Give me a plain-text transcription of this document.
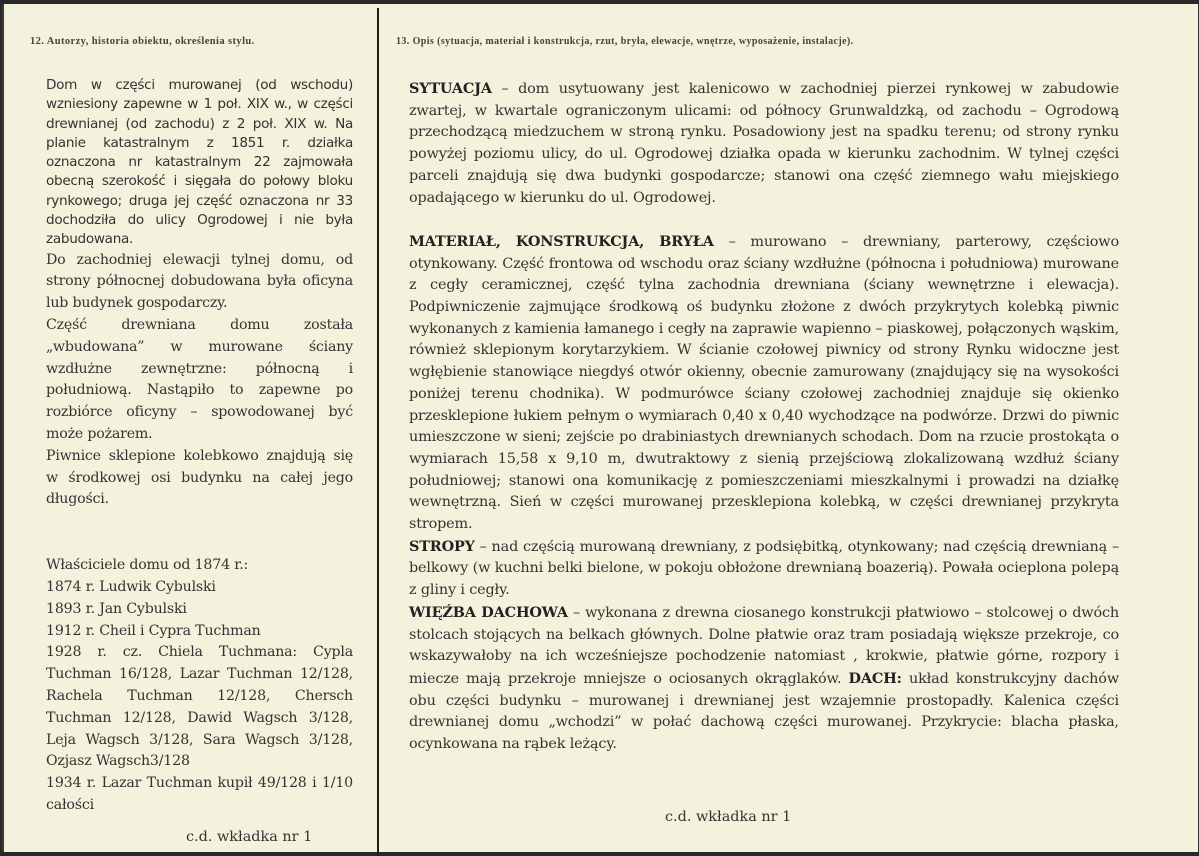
12. Autorzy, historia obiektu, określenia stylu.	13. Opis (sytuacja, materiał i konstrukcja, rzut, bryła, elewacje, wnętrze, wyposażenie, instalacje).

Dom w części murowanej (od wschodu) wzniesiony zapewne w 1 poł. XIX w., w części drewnianej (od zachodu) z 2 poł. XIX w. Na planie katastralnym z 1851 r. działka oznaczona nr katastralnym 22 zajmowała obecną szerokość i sięgała do połowy bloku rynkowego; druga jej część oznaczona nr 33 dochodziła do ulicy Ogrodowej i nie była zabudowana.

Do zachodniej elewacji tylnej domu, od strony północnej dobudowana była oficyna lub budynek gospodarczy.

Część drewniana domu została „wbudowana” w murowane ściany wzdłużne zewnętrzne: północną i południową. Nastąpiło to zapewne po rozbiórce oficyny – spowodowanej być może pożarem.

Piwnice sklepione kolebkowo znajdują się w środkowej osi budynku na całej jego długości.

Właściciele domu od 1874 r.:
1874 r. Ludwik Cybulski
1893 r. Jan Cybulski
1912 r. Cheil i Cypra Tuchman
1928 r. cz. Chiela Tuchmana: Cypla Tuchman 16/128, Lazar Tuchman 12/128, Rachela Tuchman 12/128, Chersch Tuchman 12/128, Dawid Wagsch 3/128, Leja Wagsch 3/128, Sara Wagsch 3/128, Ozjasz Wagsch3/128
1934 r. Lazar Tuchman kupił 49/128 i 1/10 całości
c.d. wkładka nr 1

SYTUACJA – dom usytuowany jest kalenicowo w zachodniej pierzei rynkowej w zabudowie zwartej, w kwartale ograniczonym ulicami: od północy Grunwaldzką, od zachodu – Ogrodową przechodzącą miedzuchem w stroną rynku. Posadowiony jest na spadku terenu; od strony rynku powyżej poziomu ulicy, do ul. Ogrodowej działka opada w kierunku zachodnim. W tylnej części parceli znajdują się dwa budynki gospodarcze; stanowi ona część ziemnego wału miejskiego opadającego w kierunku do ul. Ogrodowej.

MATERIAŁ, KONSTRUKCJA, BRYŁA – murowano – drewniany, parterowy, częściowo otynkowany. Część frontowa od wschodu oraz ściany wzdłużne (północna i południowa) murowane z cegły ceramicznej, część tylna zachodnia drewniana (ściany wewnętrzne i elewacja). Podpiwniczenie zajmujące środkową oś budynku złożone z dwóch przykrytych kolebką piwnic wykonanych z kamienia łamanego i cegły na zaprawie wapienno – piaskowej, połączonych wąskim, również sklepionym korytarzykiem. W ścianie czołowej piwnicy od strony Rynku widoczne jest wgłębienie stanowiące niegdyś otwór okienny, obecnie zamurowany (znajdujący się na wysokości poniżej terenu chodnika). W podmurówce ściany czołowej zachodniej znajduje się okienko przesklepione łukiem pełnym o wymiarach 0,40 x 0,40 wychodzące na podwórze. Drzwi do piwnic umieszczone w sieni; zejście po drabiniastych drewnianych schodach. Dom na rzucie prostokąta o wymiarach 15,58 x 9,10 m, dwutraktowy z sienią przejściową zlokalizowaną wzdłuż ściany południowej; stanowi ona komunikację z pomieszczeniami mieszkalnymi i prowadzi na działkę wewnętrzną. Sień w części murowanej przesklepiona kolebką, w części drewnianej przykryta stropem.

STROPY – nad częścią murowaną drewniany, z podsiębitką, otynkowany; nad częścią drewnianą – belkowy (w kuchni belki bielone, w pokoju obłożone drewnianą boazerią). Powała ocieplona polepą z gliny i cegły.

WIĘŹBA DACHOWA – wykonana z drewna ciosanego konstrukcji płatwiowo – stolcowej o dwóch stolcach stojących na belkach głównych. Dolne płatwie oraz tram posiadają większe przekroje, co wskazywałoby na ich wcześniejsze pochodzenie natomiast , krokwie, płatwie górne, rozpory i miecze mają przekroje mniejsze o ociosanych okrąglaków. DACH: układ konstrukcyjny dachów obu części budynku – murowanej i drewnianej jest wzajemnie prostopadły. Kalenica części drewnianej domu „wchodzi” w połać dachową części murowanej. Przykrycie: blacha płaska, ocynkowana na rąbek leżący.

c.d. wkładka nr 1
